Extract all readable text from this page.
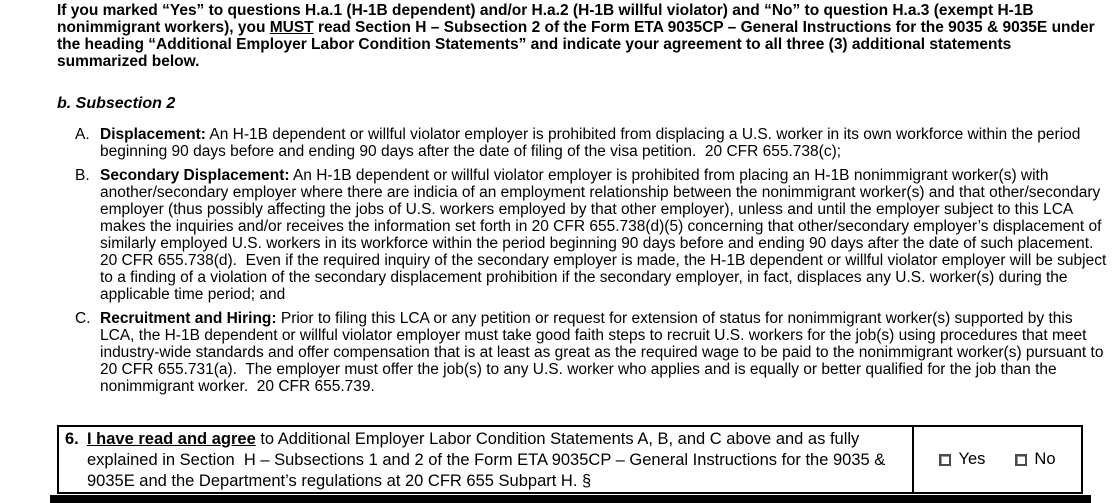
If you marked “Yes” to questions H.a.1 (H-1B dependent) and/or H.a.2 (H-1B willful violator) and “No” to question H.a.3 (exempt H-1B nonimmigrant workers), you MUST read Section H – Subsection 2 of the Form ETA 9035CP – General Instructions for the 9035 & 9035E under the heading “Additional Employer Labor Condition Statements” and indicate your agreement to all three (3) additional statements summarized below.

b. Subsection 2
A. Displacement: An H-1B dependent or willful violator employer is prohibited from displacing a U.S. worker in its own workforce within the period beginning 90 days before and ending 90 days after the date of filing of the visa petition.  20 CFR 655.738(c);

B. Secondary Displacement: An H-1B dependent or willful violator employer is prohibited from placing an H-1B nonimmigrant worker(s) with another/secondary employer where there are indicia of an employment relationship between the nonimmigrant worker(s) and that other/secondary employer (thus possibly affecting the jobs of U.S. workers employed by that other employer), unless and until the employer subject to this LCA makes the inquiries and/or receives the information set forth in 20 CFR 655.738(d)(5) concerning that other/secondary employer’s displacement of similarly employed U.S. workers in its workforce within the period beginning 90 days before and ending 90 days after the date of such placement.  20 CFR 655.738(d).  Even if the required inquiry of the secondary employer is made, the H-1B dependent or willful violator employer will be subject to a finding of a violation of the secondary displacement prohibition if the secondary employer, in fact, displaces any U.S. worker(s) during the applicable time period; and

C. Recruitment and Hiring: Prior to filing this LCA or any petition or request for extension of status for nonimmigrant worker(s) supported by this LCA, the H-1B dependent or willful violator employer must take good faith steps to recruit U.S. workers for the job(s) using procedures that meet industry-wide standards and offer compensation that is at least as great as the required wage to be paid to the nonimmigrant worker(s) pursuant to 20 CFR 655.731(a).  The employer must offer the job(s) to any U.S. worker who applies and is equally or better qualified for the job than the nonimmigrant worker.  20 CFR 655.739.

6. I have read and agree to Additional Employer Labor Condition Statements A, B, and C above and as fully explained in Section  H – Subsections 1 and 2 of the Form ETA 9035CP – General Instructions for the 9035 & 9035E and the Department’s regulations at 20 CFR 655 Subpart H. §

Yes	No
